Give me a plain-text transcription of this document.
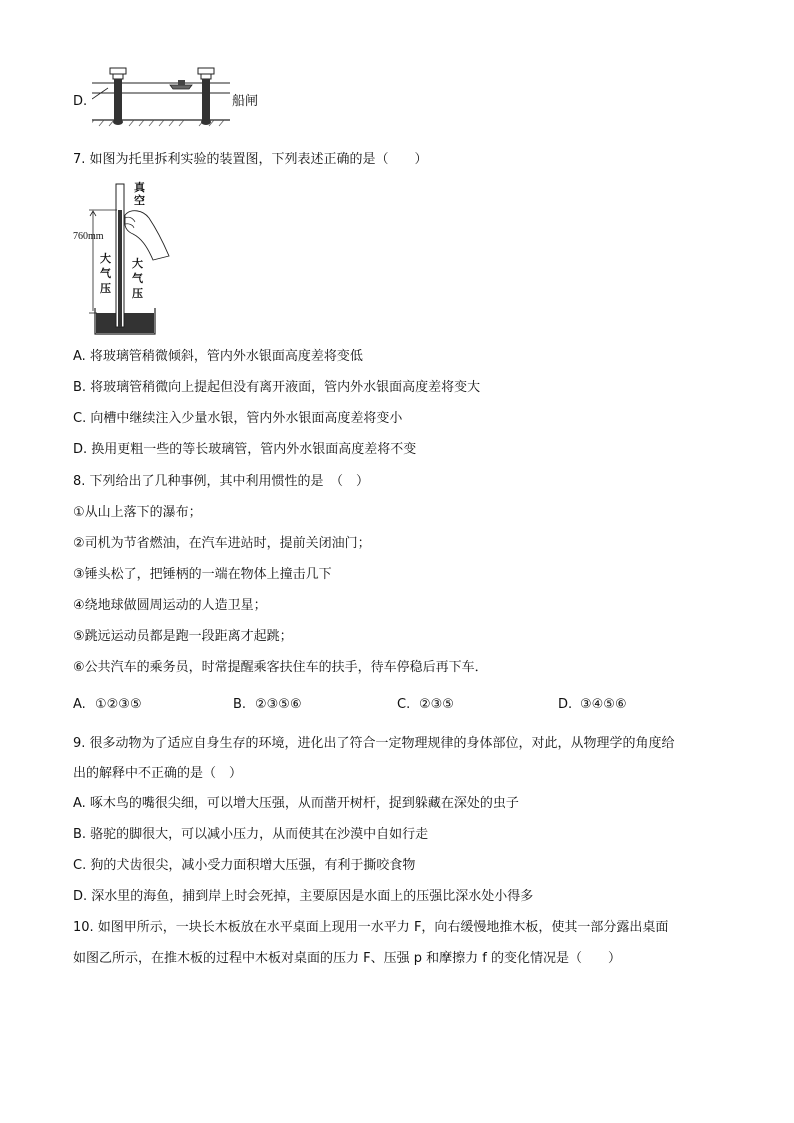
D.	船闸
7. 如图为托里拆利实验的装置图，下列表述正确的是（　　）
真
空
760mm
大
气
压
大
气
压
A. 将玻璃管稍微倾斜，管内外水银面高度差将变低
B. 将玻璃管稍微向上提起但没有离开液面，管内外水银面高度差将变大
C. 向槽中继续注入少量水银，管内外水银面高度差将变小
D. 换用更粗一些的等长玻璃管，管内外水银面高度差将不变
8. 下列给出了几种事例，其中利用惯性的是　（　）
①从山上落下的瀑布；
②司机为节省燃油，在汽车进站时，提前关闭油门；
③锤头松了，把锤柄的一端在物体上撞击几下
④绕地球做圆周运动的人造卫星；
⑤跳远运动员都是跑一段距离才起跳；
⑥公共汽车的乘务员，时常提醒乘客扶住车的扶手，待车停稳后再下车．
A. ①②③⑤	B. ②③⑤⑥	C. ②③⑤	D. ③④⑤⑥
9. 很多动物为了适应自身生存的环境，进化出了符合一定物理规律的身体部位，对此，从物理学的角度给
出的解释中不正确的是（　）
A. 啄木鸟的嘴很尖细，可以增大压强，从而凿开树杆，捉到躲藏在深处的虫子
B. 骆驼的脚很大，可以减小压力，从而使其在沙漠中自如行走
C. 狗的犬齿很尖，减小受力面积增大压强，有利于撕咬食物
D. 深水里的海鱼，捕到岸上时会死掉，主要原因是水面上的压强比深水处小得多
10. 如图甲所示，一块长木板放在水平桌面上现用一水平力 F，向右缓慢地推木板，使其一部分露出桌面
如图乙所示，在推木板的过程中木板对桌面的压力 F、压强 p 和摩擦力 f 的变化情况是（　　）
